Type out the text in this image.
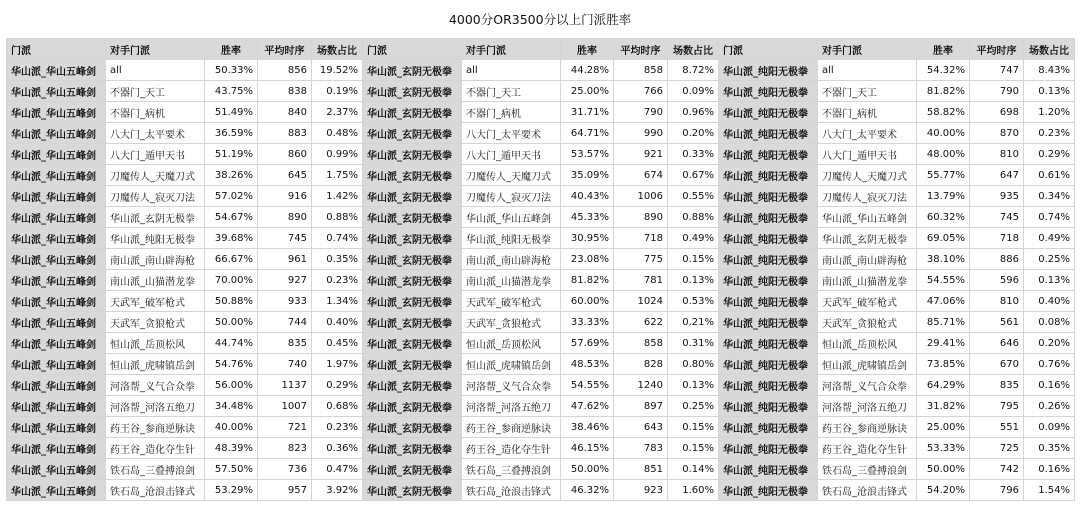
4000分OR3500分以上门派胜率
门派	对手门派	胜率	平均时序	场数占比	门派	对手门派	胜率	平均时序	场数占比	门派	对手门派	胜率	平均时序	场数占比
华山派_华山五峰剑	all	50.33%	856	19.52%	华山派_玄阴无极拳	all	44.28%	858	8.72%	华山派_纯阳无极拳	all	54.32%	747	8.43%
华山派_华山五峰剑	不器门_天工	43.75%	838	0.19%	华山派_玄阴无极拳	不器门_天工	25.00%	766	0.09%	华山派_纯阳无极拳	不器门_天工	81.82%	790	0.13%
华山派_华山五峰剑	不器门_病机	51.49%	840	2.37%	华山派_玄阴无极拳	不器门_病机	31.71%	790	0.96%	华山派_纯阳无极拳	不器门_病机	58.82%	698	1.20%
华山派_华山五峰剑	八大门_太平要术	36.59%	883	0.48%	华山派_玄阴无极拳	八大门_太平要术	64.71%	990	0.20%	华山派_纯阳无极拳	八大门_太平要术	40.00%	870	0.23%
华山派_华山五峰剑	八大门_遁甲天书	51.19%	860	0.99%	华山派_玄阴无极拳	八大门_遁甲天书	53.57%	921	0.33%	华山派_纯阳无极拳	八大门_遁甲天书	48.00%	810	0.29%
华山派_华山五峰剑	刀魔传人_天魔刀式	38.26%	645	1.75%	华山派_玄阴无极拳	刀魔传人_天魔刀式	35.09%	674	0.67%	华山派_纯阳无极拳	刀魔传人_天魔刀式	55.77%	647	0.61%
华山派_华山五峰剑	刀魔传人_寂灭刀法	57.02%	916	1.42%	华山派_玄阴无极拳	刀魔传人_寂灭刀法	40.43%	1006	0.55%	华山派_纯阳无极拳	刀魔传人_寂灭刀法	13.79%	935	0.34%
华山派_华山五峰剑	华山派_玄阴无极拳	54.67%	890	0.88%	华山派_玄阴无极拳	华山派_华山五峰剑	45.33%	890	0.88%	华山派_纯阳无极拳	华山派_华山五峰剑	60.32%	745	0.74%
华山派_华山五峰剑	华山派_纯阳无极拳	39.68%	745	0.74%	华山派_玄阴无极拳	华山派_纯阳无极拳	30.95%	718	0.49%	华山派_纯阳无极拳	华山派_玄阴无极拳	69.05%	718	0.49%
华山派_华山五峰剑	南山派_南山辟海枪	66.67%	961	0.35%	华山派_玄阴无极拳	南山派_南山辟海枪	23.08%	775	0.15%	华山派_纯阳无极拳	南山派_南山辟海枪	38.10%	886	0.25%
华山派_华山五峰剑	南山派_山猫潜龙拳	70.00%	927	0.23%	华山派_玄阴无极拳	南山派_山猫潜龙拳	81.82%	781	0.13%	华山派_纯阳无极拳	南山派_山猫潜龙拳	54.55%	596	0.13%
华山派_华山五峰剑	天武军_破军枪式	50.88%	933	1.34%	华山派_玄阴无极拳	天武军_破军枪式	60.00%	1024	0.53%	华山派_纯阳无极拳	天武军_破军枪式	47.06%	810	0.40%
华山派_华山五峰剑	天武军_贪狼枪式	50.00%	744	0.40%	华山派_玄阴无极拳	天武军_贪狼枪式	33.33%	622	0.21%	华山派_纯阳无极拳	天武军_贪狼枪式	85.71%	561	0.08%
华山派_华山五峰剑	恒山派_岳顶松风	44.74%	835	0.45%	华山派_玄阴无极拳	恒山派_岳顶松风	57.69%	858	0.31%	华山派_纯阳无极拳	恒山派_岳顶松风	29.41%	646	0.20%
华山派_华山五峰剑	恒山派_虎啸镇岳剑	54.76%	740	1.97%	华山派_玄阴无极拳	恒山派_虎啸镇岳剑	48.53%	828	0.80%	华山派_纯阳无极拳	恒山派_虎啸镇岳剑	73.85%	670	0.76%
华山派_华山五峰剑	河洛帮_义气合众拳	56.00%	1137	0.29%	华山派_玄阴无极拳	河洛帮_义气合众拳	54.55%	1240	0.13%	华山派_纯阳无极拳	河洛帮_义气合众拳	64.29%	835	0.16%
华山派_华山五峰剑	河洛帮_河洛五绝刀	34.48%	1007	0.68%	华山派_玄阴无极拳	河洛帮_河洛五绝刀	47.62%	897	0.25%	华山派_纯阳无极拳	河洛帮_河洛五绝刀	31.82%	795	0.26%
华山派_华山五峰剑	药王谷_参商逆脉诀	40.00%	721	0.23%	华山派_玄阴无极拳	药王谷_参商逆脉诀	38.46%	643	0.15%	华山派_纯阳无极拳	药王谷_参商逆脉诀	25.00%	551	0.09%
华山派_华山五峰剑	药王谷_造化夺生针	48.39%	823	0.36%	华山派_玄阴无极拳	药王谷_造化夺生针	46.15%	783	0.15%	华山派_纯阳无极拳	药王谷_造化夺生针	53.33%	725	0.35%
华山派_华山五峰剑	铁石岛_三叠搏浪剑	57.50%	736	0.47%	华山派_玄阴无极拳	铁石岛_三叠搏浪剑	50.00%	851	0.14%	华山派_纯阳无极拳	铁石岛_三叠搏浪剑	50.00%	742	0.16%
华山派_华山五峰剑	铁石岛_沧浪击锋式	53.29%	957	3.92%	华山派_玄阴无极拳	铁石岛_沧浪击锋式	46.32%	923	1.60%	华山派_纯阳无极拳	铁石岛_沧浪击锋式	54.20%	796	1.54%
